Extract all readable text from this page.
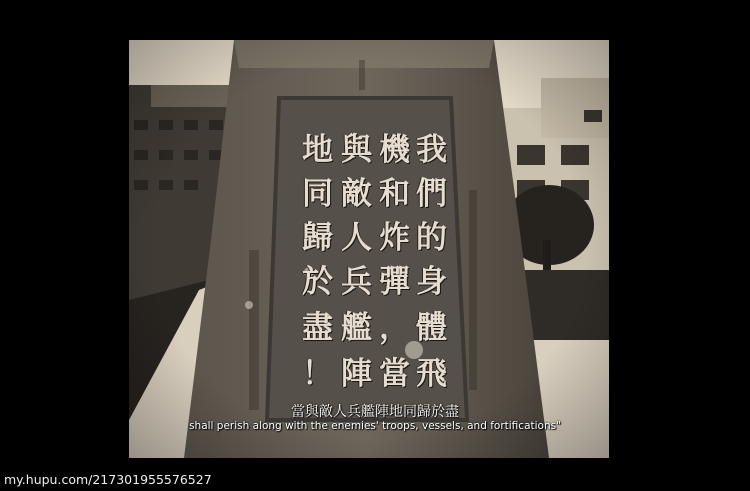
我
們
的
身
體
飛
機
和
炸
彈
，
當
與
敵
人
兵
艦
陣
地
同
歸
於
盡
！
當與敵人兵艦陣地同歸於盡
shall perish along with the enemies' troops, vessels, and fortifications"
my.hupu.com/217301955576527
